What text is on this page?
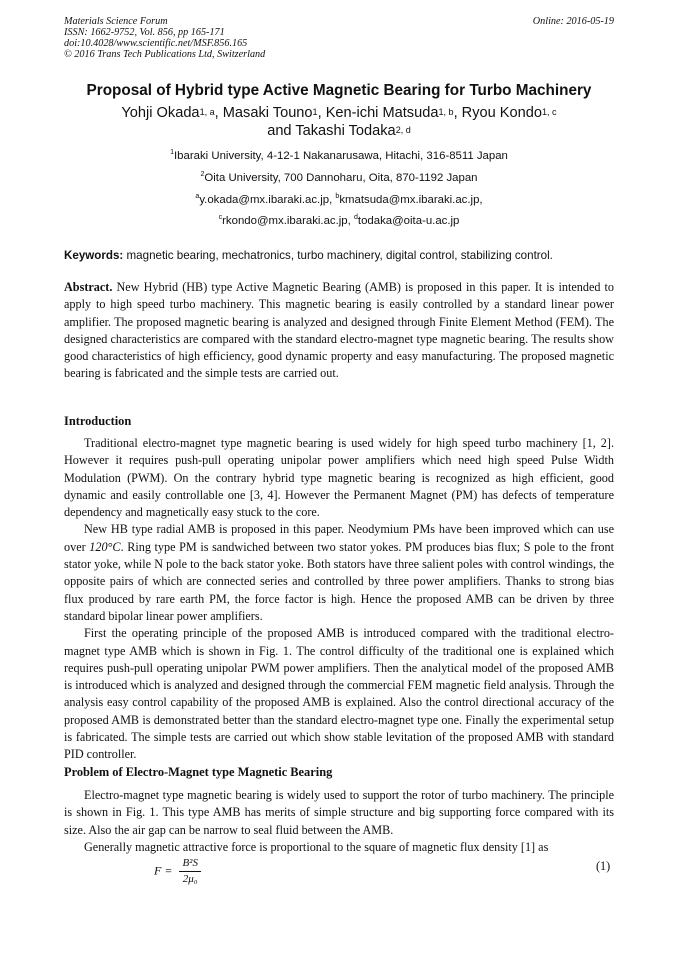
Materials Science Forum
ISSN: 1662-9752, Vol. 856, pp 165-171
doi:10.4028/www.scientific.net/MSF.856.165
© 2016 Trans Tech Publications Ltd, Switzerland
Online: 2016-05-19
Proposal of Hybrid type Active Magnetic Bearing for Turbo Machinery
Yohji Okada$^{1, a}$, Masaki Touno$^1$, Ken-ichi Matsuda$^{1, b}$, Ryou Kondo$^{1, c}$
and Takashi Todaka$^{2, d}$
$^1$Ibaraki University, 4-12-1 Nakanarusawa, Hitachi, 316-8511 Japan
$^2$Oita University, 700 Dannoharu, Oita, 870-1192 Japan
$^a$y.okada@mx.ibaraki.ac.jp, $^b$kmatsuda@mx.ibaraki.ac.jp,
$^c$rkondo@mx.ibaraki.ac.jp, $^d$todaka@oita-u.ac.jp
Keywords: magnetic bearing, mechatronics, turbo machinery, digital control, stabilizing control.

Abstract. New Hybrid (HB) type Active Magnetic Bearing (AMB) is proposed in this paper. It is intended to apply to high speed turbo machinery. This magnetic bearing is easily controlled by a standard linear power amplifier. The proposed magnetic bearing is analyzed and designed through Finite Element Method (FEM). The designed characteristics are compared with the standard electro-magnet type magnetic bearing. The results show good characteristics of high efficiency, good dynamic property and easy manufacturing. The proposed magnetic bearing is fabricated and the simple tests are carried out.

Introduction

Traditional electro-magnet type magnetic bearing is used widely for high speed turbo machinery [1, 2]. However it requires push-pull operating unipolar power amplifiers which need high speed Pulse Width Modulation (PWM). On the contrary hybrid type magnetic bearing is recognized as high efficient, good dynamic and easily controllable one [3, 4]. However the Permanent Magnet (PM) has defects of temperature dependency and magnetically easy stuck to the core.

New HB type radial AMB is proposed in this paper. Neodymium PMs have been improved which can use over 120°C. Ring type PM is sandwiched between two stator yokes. PM produces bias flux; S pole to the front stator yoke, while N pole to the back stator yoke. Both stators have three salient poles with control windings, the opposite pairs of which are connected series and controlled by three power amplifiers. Thanks to strong bias flux produced by rare earth PM, the force factor is high. Hence the proposed AMB can be driven by three standard bipolar linear power amplifiers.

First the operating principle of the proposed AMB is introduced compared with the traditional electro-magnet type AMB which is shown in Fig. 1. The control difficulty of the traditional one is explained which requires push-pull operating unipolar PWM power amplifiers. Then the analytical model of the proposed AMB is introduced which is analyzed and designed through the commercial FEM magnetic field analysis. Through the analysis easy control capability of the proposed AMB is explained. Also the control directional accuracy of the proposed AMB is demonstrated better than the standard electro-magnet type one. Finally the experimental setup is fabricated. The simple tests are carried out which show stable levitation of the proposed AMB with standard PID controller.

Problem of Electro-Magnet type Magnetic Bearing

Electro-magnet type magnetic bearing is widely used to support the rotor of turbo machinery. The principle is shown in Fig. 1. This type AMB has merits of simple structure and big supporting force compared with its size. Also the air gap can be narrow to seal fluid between the AMB.

Generally magnetic attractive force is proportional to the square of magnetic flux density [1] as

$F = \frac{\text{B²S}}{\text{2μ₀}}$	(1)
